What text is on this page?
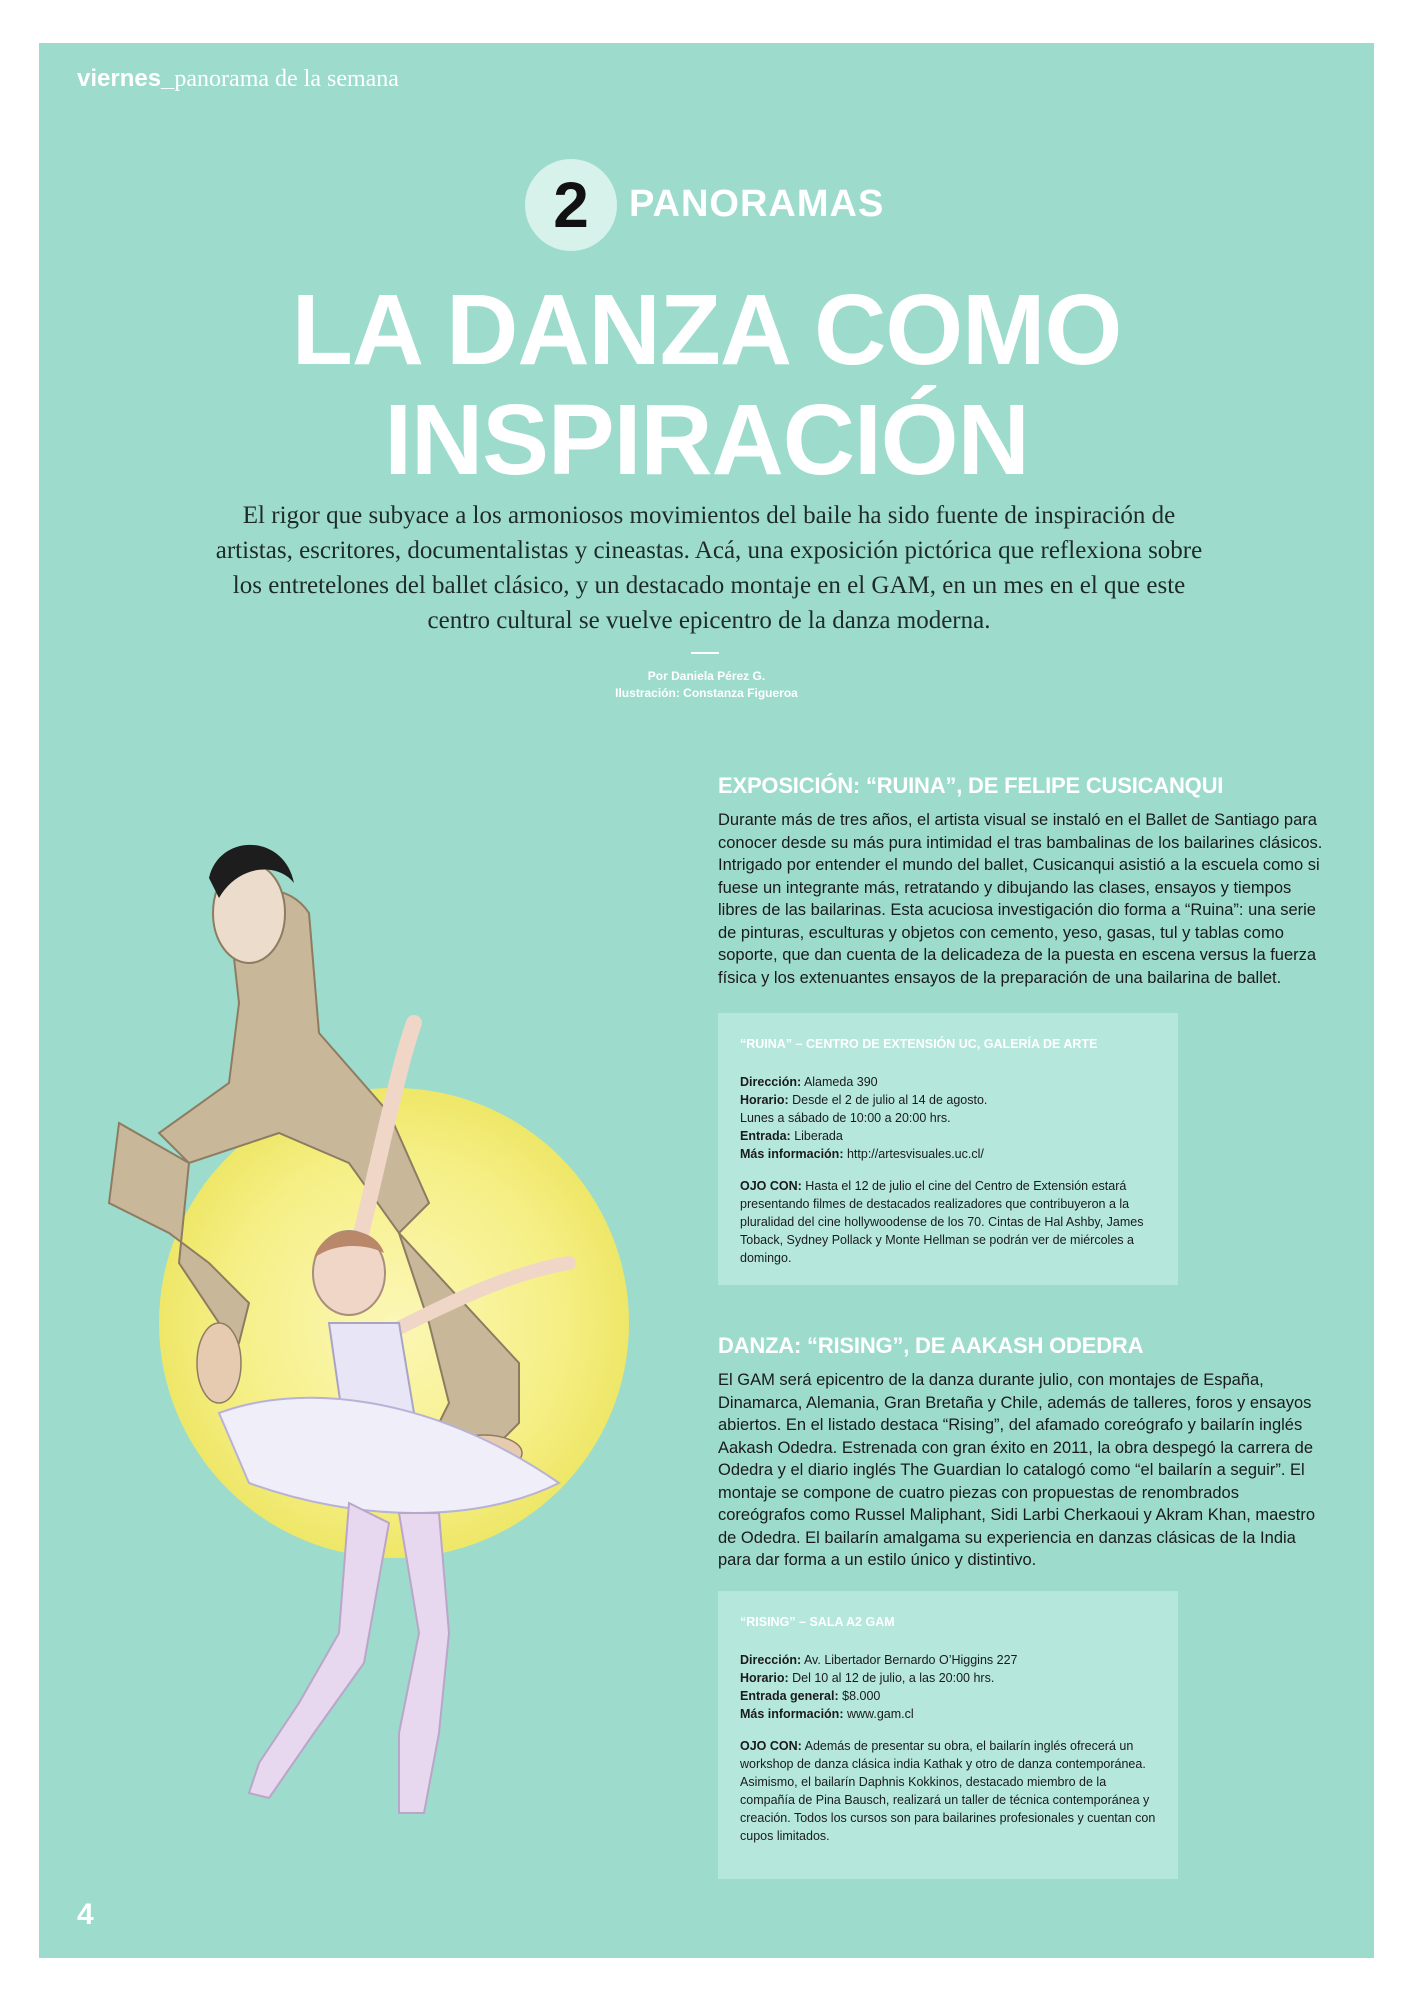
viernes_panorama de la semana
2	PANORAMAS
LA DANZA COMO
INSPIRACIÓN
El rigor que subyace a los armoniosos movimientos del baile ha sido fuente de inspiración de artistas, escritores, documentalistas y cineastas. Acá, una exposición pictórica que reflexiona sobre los entretelones del ballet clásico, y un destacado montaje en el GAM, en un mes en el que este centro cultural se vuelve epicentro de la danza moderna.
Por Daniela Pérez G.
Ilustración: Constanza Figueroa
EXPOSICIÓN: “RUINA”, DE FELIPE CUSICANQUI

Durante más de tres años, el artista visual se instaló en el Ballet de Santiago para conocer desde su más pura intimidad el tras bambalinas de los bailarines clásicos. Intrigado por entender el mundo del ballet, Cusicanqui asistió a la escuela como si fuese un integrante más, retratando y dibujando las clases, ensayos y tiempos libres de las bailarinas. Esta acuciosa investigación dio forma a “Ruina”: una serie de pinturas, esculturas y objetos con cemento, yeso, gasas, tul y tablas como soporte, que dan cuenta de la delicadeza de la puesta en escena versus la fuerza física y los extenuantes ensayos de la preparación de una bailarina de ballet.

“RUINA” – CENTRO DE EXTENSIÓN UC, GALERÍA DE ARTE
Dirección: Alameda 390
Horario: Desde el 2 de julio al 14 de agosto.
Lunes a sábado de 10:00 a 20:00 hrs.
Entrada: Liberada
Más información: http://artesvisuales.uc.cl/
OJO CON: Hasta el 12 de julio el cine del Centro de Extensión estará presentando filmes de destacados realizadores que contribuyeron a la pluralidad del cine hollywoodense de los 70. Cintas de Hal Ashby, James Toback, Sydney Pollack y Monte Hellman se podrán ver de miércoles a domingo.
DANZA: “RISING”, DE AAKASH ODEDRA

El GAM será epicentro de la danza durante julio, con montajes de España, Dinamarca, Alemania, Gran Bretaña y Chile, además de talleres, foros y ensayos abiertos. En el listado destaca “Rising”, del afamado coreógrafo y bailarín inglés Aakash Odedra. Estrenada con gran éxito en 2011, la obra despegó la carrera de Odedra y el diario inglés The Guardian lo catalogó como “el bailarín a seguir”. El montaje se compone de cuatro piezas con propuestas de renombrados coreógrafos como Russel Maliphant, Sidi Larbi Cherkaoui y Akram Khan, maestro de Odedra. El bailarín amalgama su experiencia en danzas clásicas de la India para dar forma a un estilo único y distintivo.

“RISING” – SALA A2 GAM
Dirección: Av. Libertador Bernardo O’Higgins 227
Horario: Del 10 al 12 de julio, a las 20:00 hrs.
Entrada general: $8.000
Más información: www.gam.cl
OJO CON: Además de presentar su obra, el bailarín inglés ofrecerá un workshop de danza clásica india Kathak y otro de danza contemporánea. Asimismo, el bailarín Daphnis Kokkinos, destacado miembro de la compañía de Pina Bausch, realizará un taller de técnica contemporánea y creación. Todos los cursos son para bailarines profesionales y cuentan con cupos limitados.
4
